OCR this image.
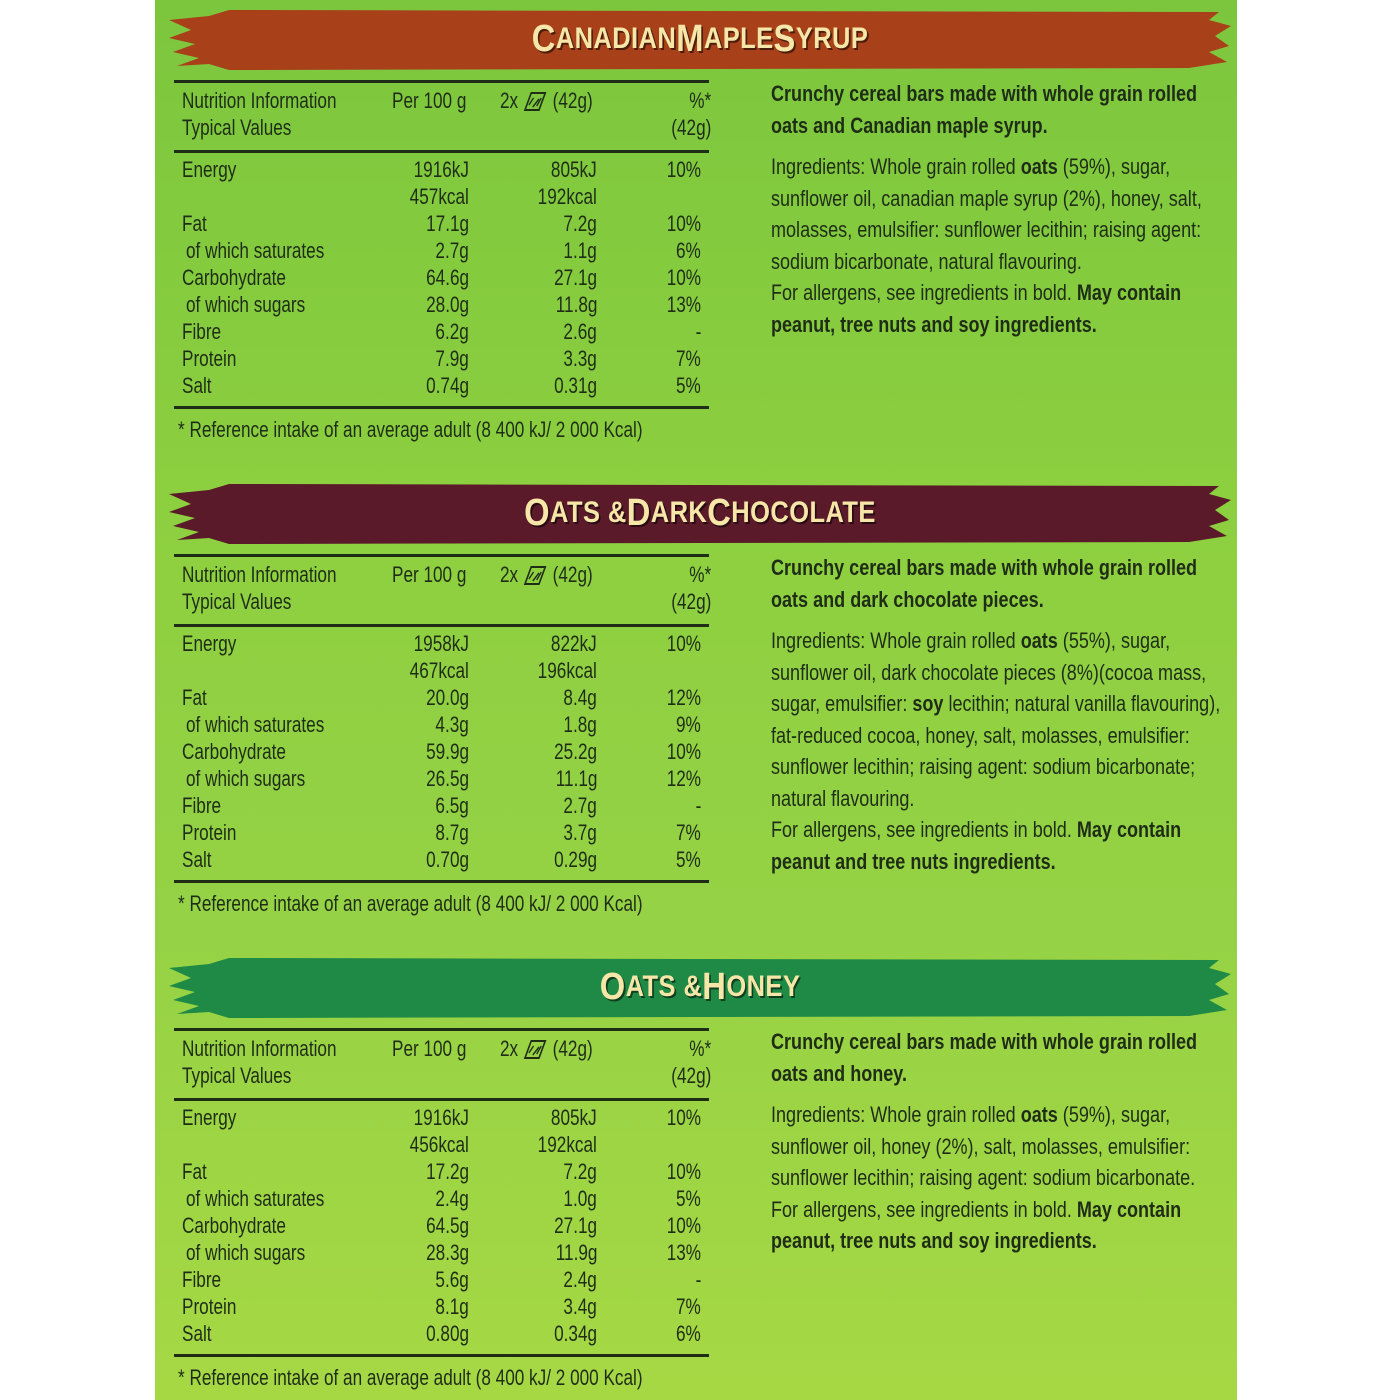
C ANADIAN M APLE S YRUP
Nutrition Information
Typical Values
Per 100 g 2x (42g)	%*
(42g)
Energy	1916kJ	805kJ	10%
457kcal	192kcal
Fat	17.1g	7.2g	10%
of which saturates	2.7g	1.1g	6%
Carbohydrate	64.6g	27.1g	10%
of which sugars	28.0g	11.8g	13%
Fibre	6.2g	2.6g	-
Protein	7.9g	3.3g	7%
Salt	0.74g	0.31g	5%
* Reference intake of an average adult (8 400 kJ/ 2 000 Kcal)

Crunchy cereal bars made with whole grain rolled oats and Canadian maple syrup.

Ingredients: Whole grain rolled oats (59%), sugar, sunflower oil, canadian maple syrup (2%), honey, salt, molasses, emulsifier: sunflower lecithin; raising agent: sodium bicarbonate, natural flavouring.

For allergens, see ingredients in bold. May contain peanut, tree nuts and soy ingredients.

O ATS & D ARK C HOCOLATE
Nutrition Information
Typical Values
Per 100 g 2x (42g)	%*
(42g)
Energy	1958kJ	822kJ	10%
467kcal	196kcal
Fat	20.0g	8.4g	12%
of which saturates	4.3g	1.8g	9%
Carbohydrate	59.9g	25.2g	10%
of which sugars	26.5g	11.1g	12%
Fibre	6.5g	2.7g	-
Protein	8.7g	3.7g	7%
Salt	0.70g	0.29g	5%
* Reference intake of an average adult (8 400 kJ/ 2 000 Kcal)

Crunchy cereal bars made with whole grain rolled oats and dark chocolate pieces.

Ingredients: Whole grain rolled oats (55%), sugar, sunflower oil, dark chocolate pieces (8%)(cocoa mass, sugar, emulsifier: soy lecithin; natural vanilla flavouring), fat-reduced cocoa, honey, salt, molasses, emulsifier: sunflower lecithin; raising agent: sodium bicarbonate; natural flavouring.

For allergens, see ingredients in bold. May contain peanut and tree nuts ingredients.

O ATS & H ONEY
Nutrition Information
Typical Values
Per 100 g 2x (42g)	%*
(42g)
Energy	1916kJ	805kJ	10%
456kcal	192kcal
Fat	17.2g	7.2g	10%
of which saturates	2.4g	1.0g	5%
Carbohydrate	64.5g	27.1g	10%
of which sugars	28.3g	11.9g	13%
Fibre	5.6g	2.4g	-
Protein	8.1g	3.4g	7%
Salt	0.80g	0.34g	6%
* Reference intake of an average adult (8 400 kJ/ 2 000 Kcal)

Crunchy cereal bars made with whole grain rolled oats and honey.

Ingredients: Whole grain rolled oats (59%), sugar, sunflower oil, honey (2%), salt, molasses, emulsifier: sunflower lecithin; raising agent: sodium bicarbonate.

For allergens, see ingredients in bold. May contain peanut, tree nuts and soy ingredients.
